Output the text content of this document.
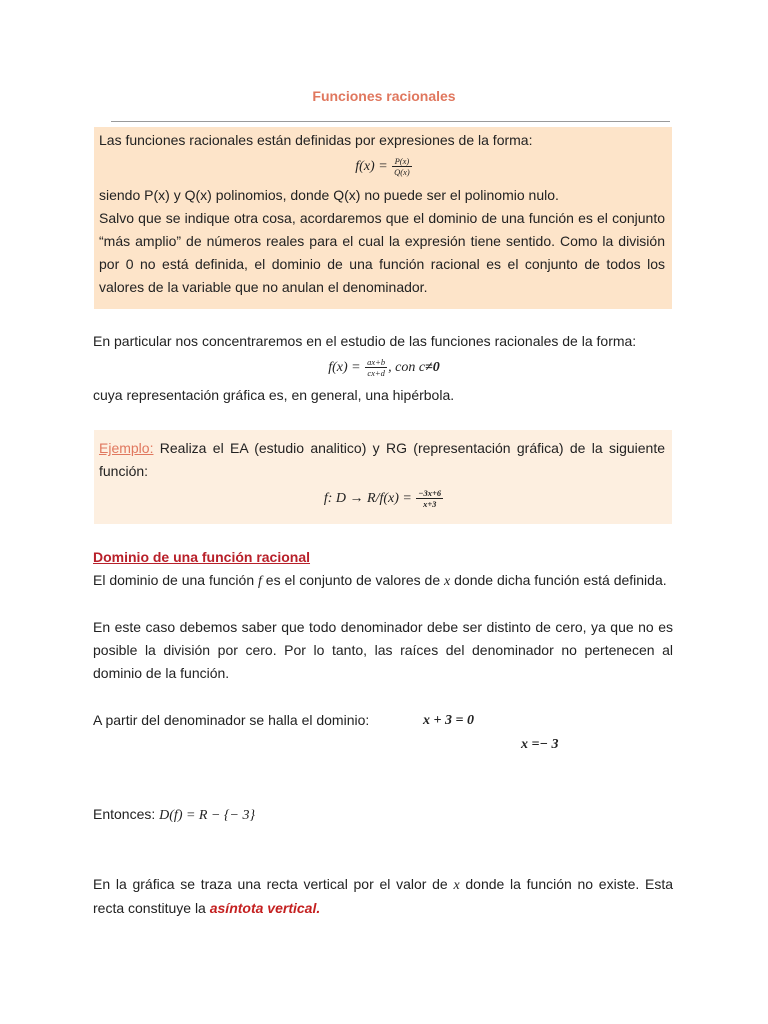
Funciones racionales
Las funciones racionales están definidas por expresiones de la forma:
$f(x) = \frac{P(x)}{Q(x)}$
siendo P(x) y Q(x) polinomios, donde Q(x) no puede ser el polinomio nulo.
Salvo que se indique otra cosa, acordaremos que el dominio de una función es el conjunto “más amplio” de números reales para el cual la expresión tiene sentido. Como la división por 0 no está definida, el dominio de una función racional es el conjunto de todos los valores de la variable que no anulan el denominador.
En particular nos concentraremos en el estudio de las funciones racionales de la forma:
$f(x) = \frac{ax+b}{cx+d}$ , con c≠0
cuya representación gráfica es, en general, una hipérbola.
Ejemplo: Realiza el EA (estudio analitico) y RG (representación gráfica) de la siguiente función:
f: $D \to R/f(x) = \frac{-3x+6}{x+3}$
Dominio de una función racional
El dominio de una función f es el conjunto de valores de x donde dicha función está definida.
En este caso debemos saber que todo denominador debe ser distinto de cero, ya que no es posible la división por cero. Por lo tanto, las raíces del denominador no pertenecen al dominio de la función.
A partir del denominador se halla el dominio:	x + 3 = 0
x =− 3
Entonces: D(f) = R − {− 3}
En la gráfica se traza una recta vertical por el valor de x donde la función no existe. Esta recta constituye la asíntota vertical.
